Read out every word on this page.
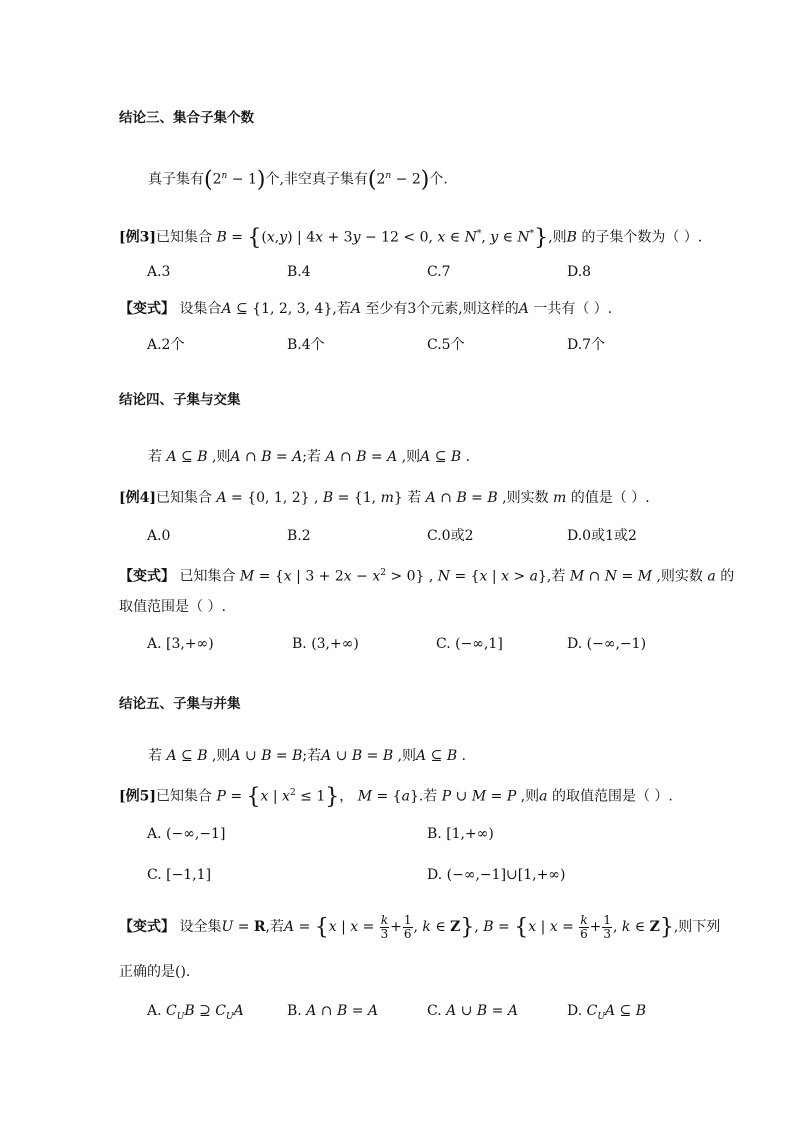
结论三、集合子集个数
真子集有$(2^n - 1)$个,非空真子集有$(2^n - 2)$个.
[例3]已知集合 B = {(x,y) | 4x + 3y − 12 < 0, x ∈ N*, y ∈ N*},则B 的子集个数为（ ）.
A.3	B.4	C.7	D.8
【变式】 设集合A ⊆ {1, 2, 3, 4},若A 至少有3个元素,则这样的A 一共有（ ）.
A.2个	B.4个	C.5个	D.7个
结论四、子集与交集
若 A ⊆ B ,则A ∩ B = A;若 A ∩ B = A ,则A ⊆ B .
[例4]已知集合 A = {0, 1, 2} , B = {1, m} 若 A ∩ B = B ,则实数 m 的值是（ ）.
A.0	B.2	C.0或2	D.0或1或2
【变式】 已知集合 M = {x | $3 + 2x - x^2 > 0$} , N = {x | x > a},若 M ∩ N = M ,则实数 a 的
取值范围是（ ）.
A. [3,+∞)	B. (3,+∞)	C. (−∞,1]	D. (−∞,−1)
结论五、子集与并集
若 A ⊆ B ,则A ∪ B = B;若A ∪ B = B ,则A ⊆ B .
[例5]已知集合 P = {x | $x^2 \le 1$}， M = {a}.若 P ∪ M = P ,则a 的取值范围是（ ）.
A. (−∞,−1]	B. [1,+∞)
C. [−1,1]	D. (−∞,−1]∪[1,+∞)
【变式】 设全集U = R,若A = {x | $x = \frac{k}{3} + \frac{1}{6}$ , k ∈ Z}, B = {x | $x = \frac{k}{6} + \frac{1}{3}$ , k ∈ Z},则下列
正确的是().
A. $C_UB$ ⊇ $C_UA$	B. A ∩ B = A	C. A ∪ B = A	D. $C_UA$ ⊆ B
